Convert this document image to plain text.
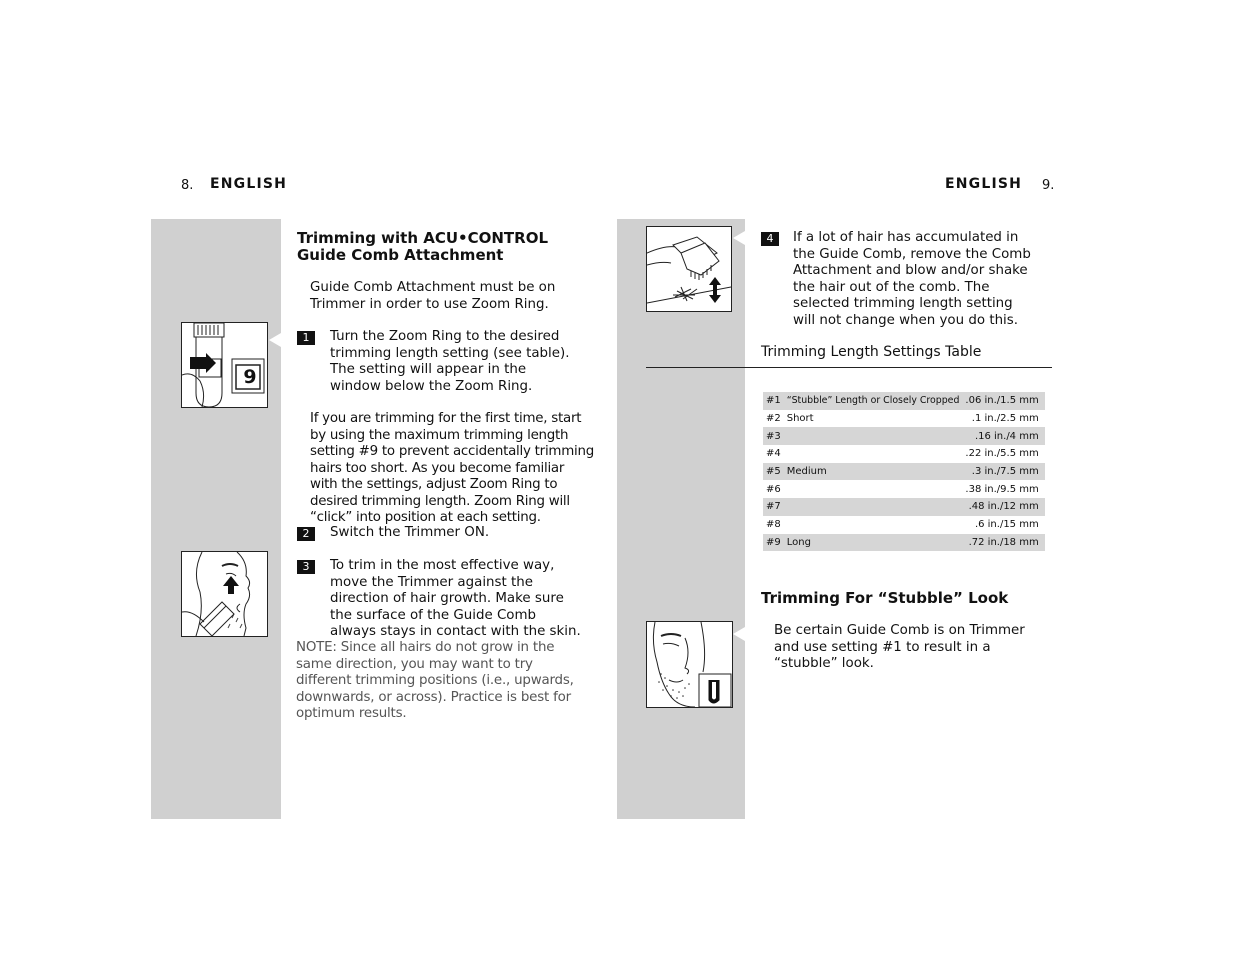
8. ENGLISH
9
Trimming with ACU•CONTROL
Guide Comb Attachment
Guide Comb Attachment must be on Trimmer in order to use Zoom Ring.
1	Turn the Zoom Ring to the desired trimming length setting (see table). The setting will appear in the window below the Zoom Ring.
If you are trimming for the first time, start by using the maximum trimming length setting #9 to prevent accidentally trimming hairs too short. As you become familiar with the settings, adjust Zoom Ring to desired trimming length. Zoom Ring will “click” into position at each setting.
2	Switch the Trimmer ON.
3	To trim in the most effective way, move the Trimmer against the direction of hair growth. Make sure the surface of the Guide Comb always stays in contact with the skin.
NOTE: Since all hairs do not grow in the same direction, you may want to try different trimming positions (i.e., upwards, downwards, or across). Practice is best for optimum results.
ENGLISH 9.
4	If a lot of hair has accumulated in the Guide Comb, remove the Comb Attachment and blow and/or shake the hair out of the comb. The selected trimming length setting will not change when you do this.
Trimming Length Settings Table
#1	“Stubble” Length or Closely Cropped	.06 in./1.5 mm
#2	Short	.1 in./2.5 mm
#3		.16 in./4 mm
#4		.22 in./5.5 mm
#5	Medium	.3 in./7.5 mm
#6		.38 in./9.5 mm
#7		.48 in./12 mm
#8		.6 in./15 mm
#9	Long	.72 in./18 mm
Trimming For “Stubble” Look
Be certain Guide Comb is on Trimmer and use setting #1 to result in a “stubble” look.
